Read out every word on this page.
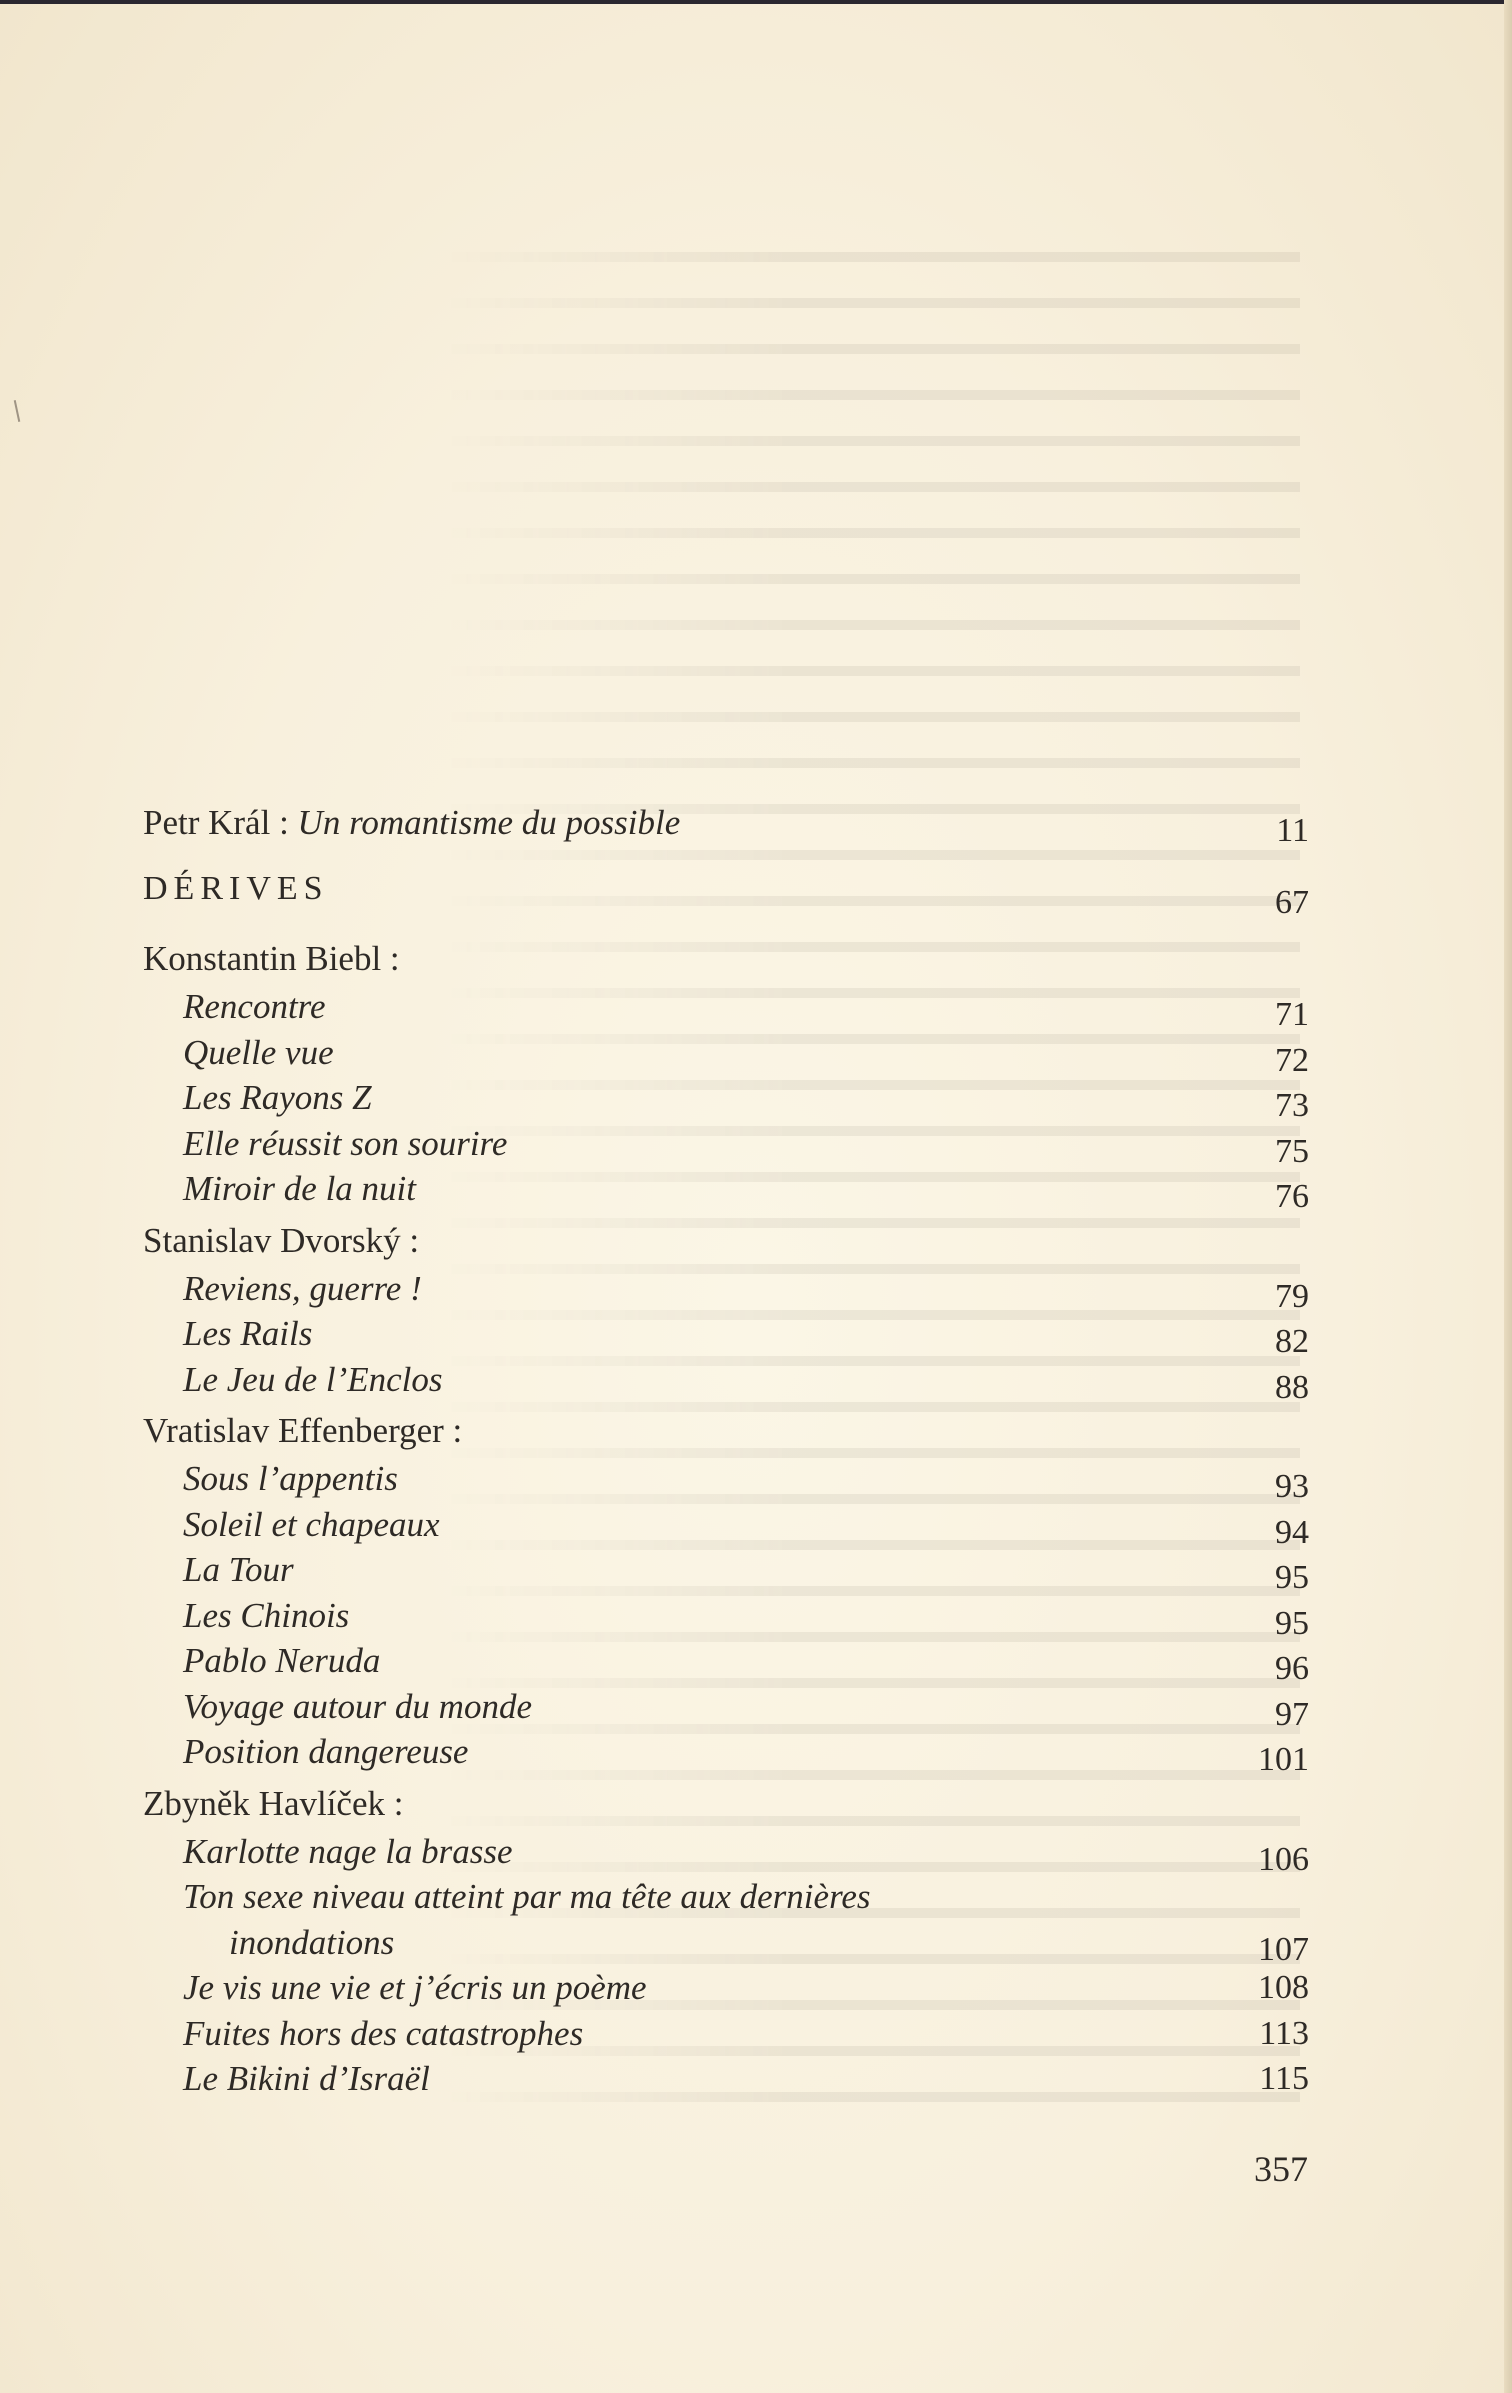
Petr Král : Un romantisme du possible	11
DÉRIVES	67
Konstantin Biebl :
Rencontre	71
Quelle vue	72
Les Rayons Z	73
Elle réussit son sourire	75
Miroir de la nuit	76
Stanislav Dvorský :
Reviens, guerre !	79
Les Rails	82
Le Jeu de l’Enclos	88
Vratislav Effenberger :
Sous l’appentis	93
Soleil et chapeaux	94
La Tour	95
Les Chinois	95
Pablo Neruda	96
Voyage autour du monde	97
Position dangereuse	101
Zbyněk Havlíček :
Karlotte nage la brasse	106
Ton sexe niveau atteint par ma tête aux dernières
inondations	107
Je vis une vie et j’écris un poème	108
Fuites hors des catastrophes	113
Le Bikini d’Israël	115
357
